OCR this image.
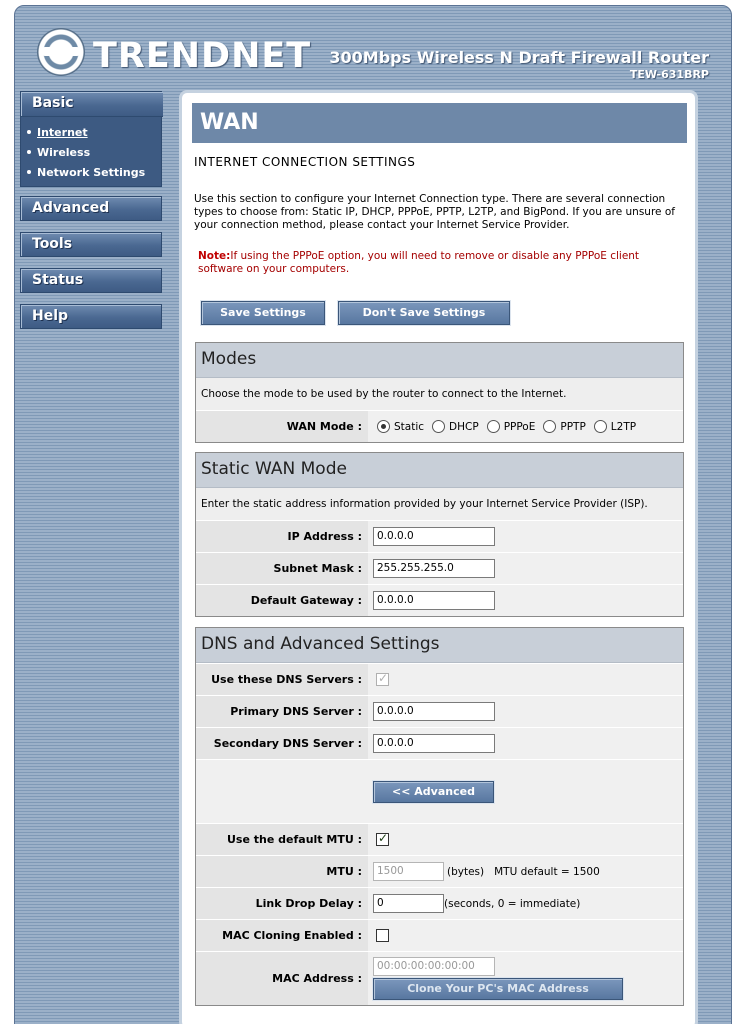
TRENDNET 300Mbps Wireless N Draft Firewall Router
TEW-631BRP
Basic
Internet
Wireless
Network Settings
Advanced
Tools
Status
Help
WAN
INTERNET CONNECTION SETTINGS
Use this section to configure your Internet Connection type. There are several connection types to choose from: Static IP, DHCP, PPPoE, PPTP, L2TP, and BigPond. If you are unsure of your connection method, please contact your Internet Service Provider.
Note:If using the PPPoE option, you will need to remove or disable any PPPoE client software on your computers.
Save Settings	Don't Save Settings
Modes
Choose the mode to be used by the router to connect to the Internet.
WAN Mode :	Static DHCP PPPoE PPTP L2TP
Static WAN Mode
Enter the static address information provided by your Internet Service Provider (ISP).
IP Address :	0.0.0.0
Subnet Mask :	255.255.255.0
Default Gateway :	0.0.0.0
DNS and Advanced Settings
Use these DNS Servers :
✓
Primary DNS Server :	0.0.0.0
Secondary DNS Server :	0.0.0.0
<< Advanced
Use the default MTU :
✓
MTU :	1500	(bytes) MTU default = 1500
Link Drop Delay :	0	(seconds, 0 = immediate)
MAC Cloning Enabled :
MAC Address :
00:00:00:00:00:00
Clone Your PC's MAC Address
